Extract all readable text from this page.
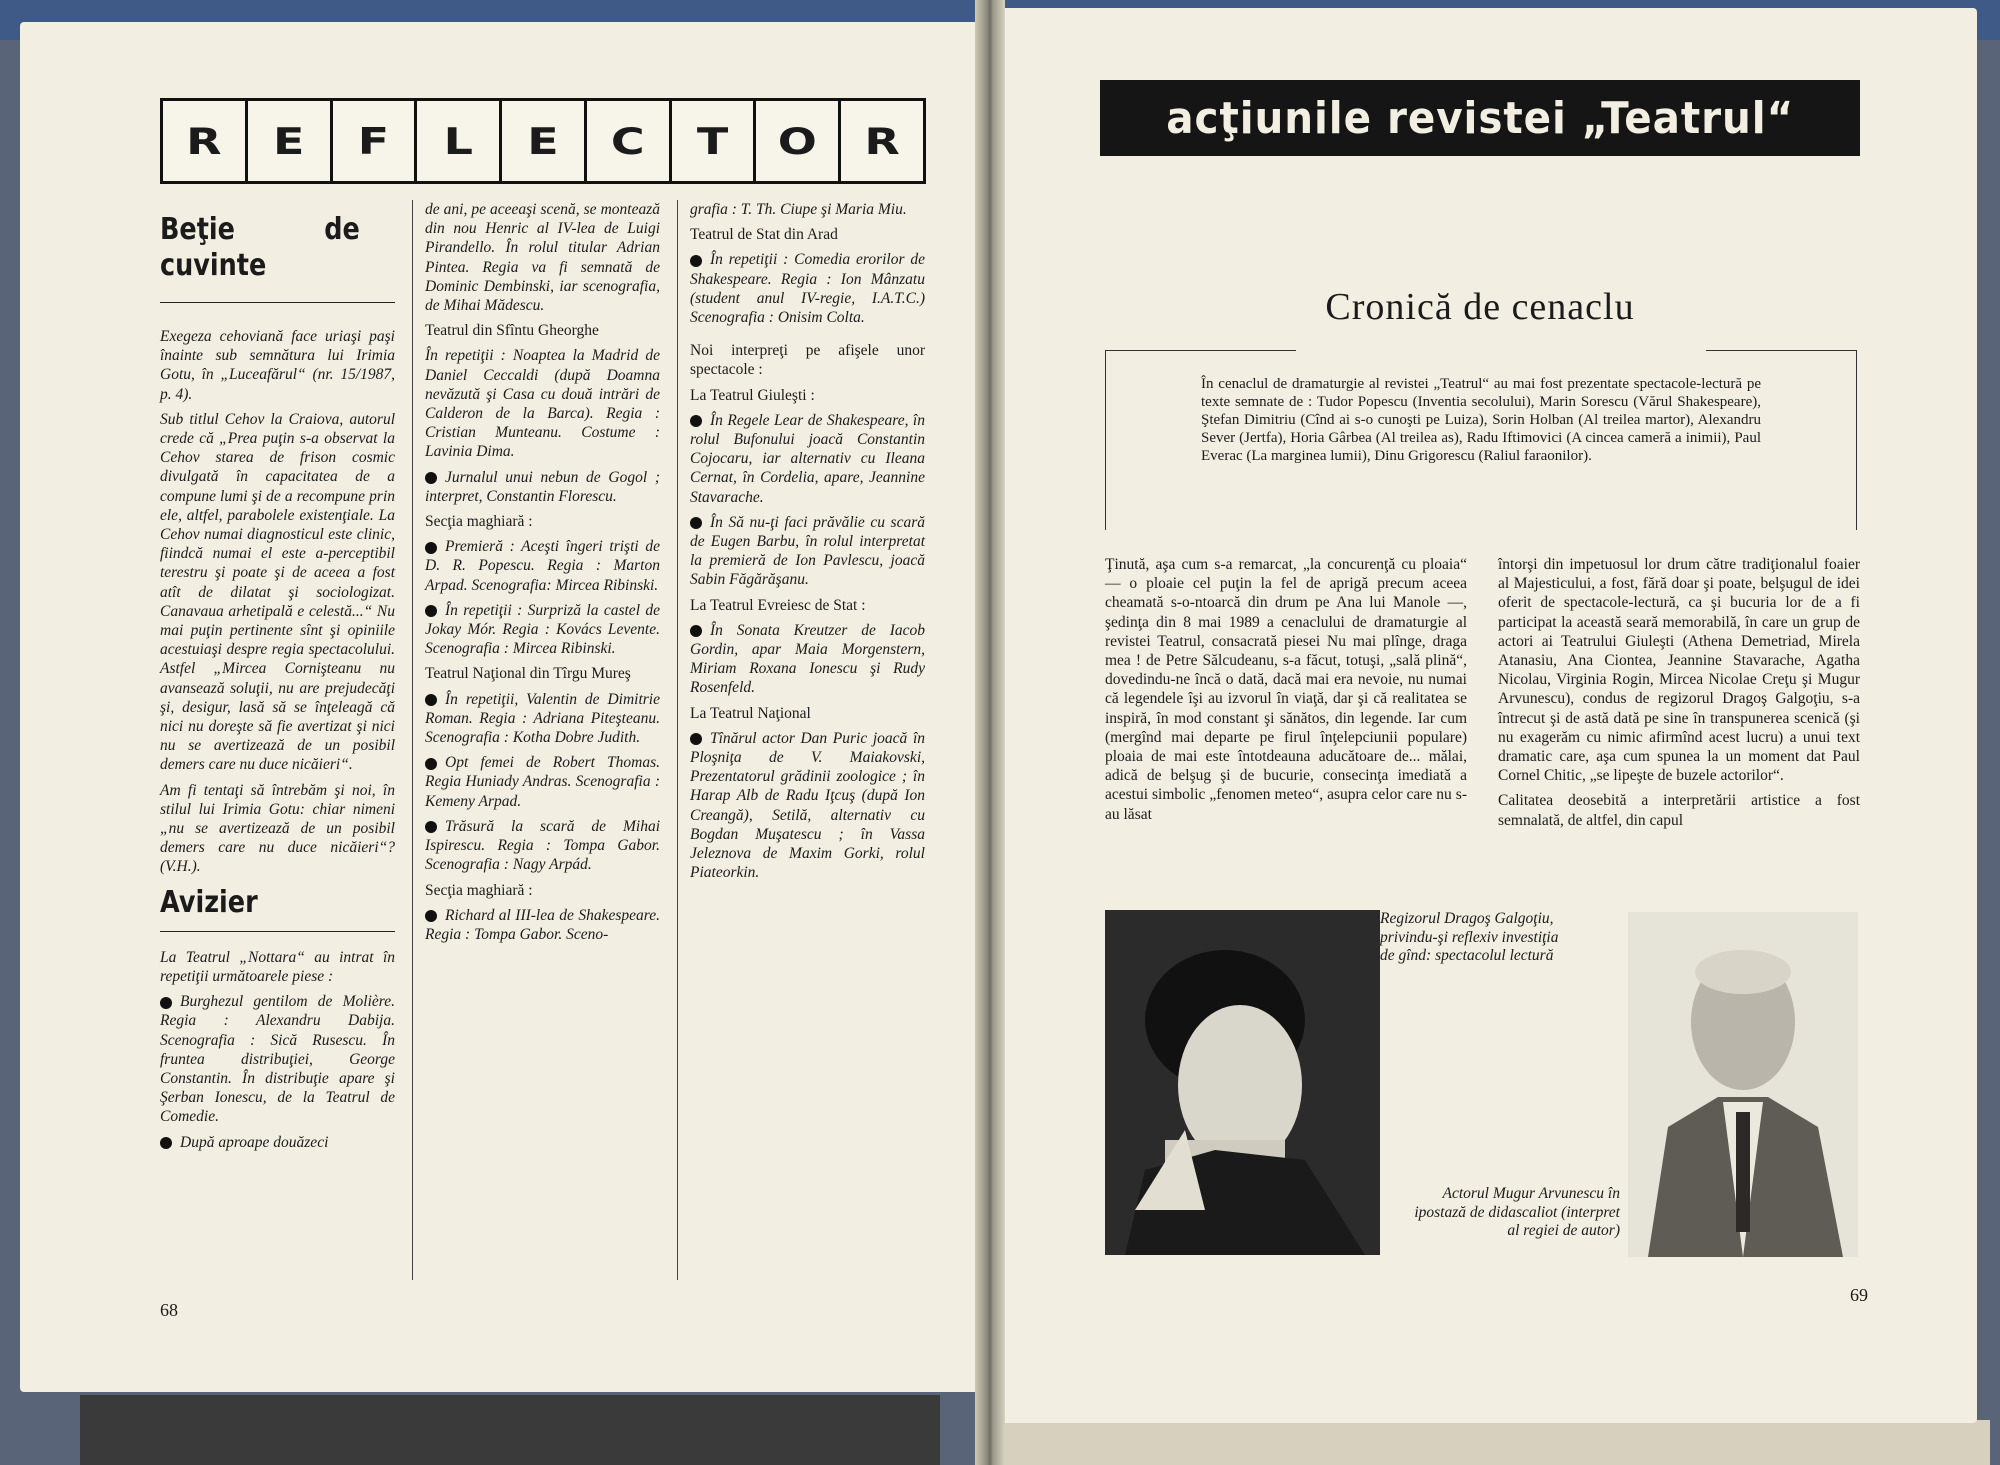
R E F L E C T O R
Beţie de cuvinte

Exegeza cehoviană face uriaşi paşi înainte sub semnătura lui Irimia Gotu, în „Luceafărul“ (nr. 15/1987, p. 4).

Sub titlul Cehov la Craiova, autorul crede că „Prea puţin s-a observat la Cehov starea de frison cosmic divulgată în capacitatea de a compune lumi şi de a recompune prin ele, altfel, parabolele existenţiale. La Cehov numai diagnosticul este clinic, fiindcă numai el este a-perceptibil terestru şi poate şi de aceea a fost atît de dilatat şi sociologizat. Canavaua arhetipală e celestă...“ Nu mai puţin pertinente sînt şi opiniile acestuiaşi despre regia spectacolului. Astfel „Mircea Cornişteanu nu avansează soluţii, nu are prejudecăţi şi, desigur, lasă să se înţeleagă că nici nu doreşte să fie avertizat şi nici nu se avertizează de un posibil demers care nu duce nicăieri“.

Am fi tentaţi să întrebăm şi noi, în stilul lui Irimia Gotu: chiar nimeni „nu se avertizează de un posibil demers care nu duce nicăieri“? (V.H.).

Avizier

La Teatrul „Nottara“ au intrat în repetiţii următoarele piese :

Burghezul gentilom de Molière. Regia : Alexandru Dabija. Scenografia : Sică Rusescu. În fruntea distribuţiei, George Constantin. În distribuţie apare şi Şerban Ionescu, de la Teatrul de Comedie.

După aproape douăzeci

de ani, pe aceeaşi scenă, se montează din nou Henric al IV-lea de Luigi Pirandello. În rolul titular Adrian Pintea. Regia va fi semnată de Dominic Dembinski, iar scenografia, de Mihai Mădescu.

Teatrul din Sfîntu Gheorghe

În repetiţii : Noaptea la Madrid de Daniel Ceccaldi (după Doamna nevăzută şi Casa cu două intrări de Calderon de la Barca). Regia : Cristian Munteanu. Costume : Lavinia Dima.

Jurnalul unui nebun de Gogol ; interpret, Constantin Florescu.

Secţia maghiară :

Premieră : Aceşti îngeri trişti de D. R. Popescu. Regia : Marton Arpad. Scenografia: Mircea Ribinski.

În repetiţii : Surpriză la castel de Jokay Mór. Regia : Kovács Levente. Scenografia : Mircea Ribinski.

Teatrul Naţional din Tîrgu Mureş

În repetiţii, Valentin de Dimitrie Roman. Regia : Adriana Piteşteanu. Scenografia : Kotha Dobre Judith.

Opt femei de Robert Thomas. Regia Huniady Andras. Scenografia : Kemeny Arpad.

Trăsură la scară de Mihai Ispirescu. Regia : Tompa Gabor. Scenografia : Nagy Arpád.

Secţia maghiară :

Richard al III-lea de Shakespeare. Regia : Tompa Gabor. Sceno-

grafia : T. Th. Ciupe şi Maria Miu.

Teatrul de Stat din Arad

În repetiţii : Comedia erorilor de Shakespeare. Regia : Ion Mânzatu (student anul IV-regie, I.A.T.C.) Scenografia : Onisim Colta.

Noi interpreţi pe afişele unor spectacole :

La Teatrul Giuleşti :

În Regele Lear de Shakespeare, în rolul Bufonului joacă Constantin Cojocaru, iar alternativ cu Ileana Cernat, în Cordelia, apare, Jeannine Stavarache.

În Să nu-ţi faci prăvălie cu scară de Eugen Barbu, în rolul interpretat la premieră de Ion Pavlescu, joacă Sabin Făgărăşanu.

La Teatrul Evreiesc de Stat :

În Sonata Kreutzer de Iacob Gordin, apar Maia Morgenstern, Miriam Roxana Ionescu şi Rudy Rosenfeld.

La Teatrul Naţional

Tînărul actor Dan Puric joacă în Ploşniţa de V. Maiakovski, Prezentatorul grădinii zoologice ; în Harap Alb de Radu Iţcuş (după Ion Creangă), Setilă, alternativ cu Bogdan Muşatescu ; în Vassa Jeleznova de Maxim Gorki, rolul Piateorkin.

68
acţiunile revistei „Teatrul“
Cronică de cenaclu
În cenaclul de dramaturgie al revistei „Teatrul“ au mai fost prezentate spectacole-lectură pe texte semnate de : Tudor Popescu (Inventia secolului), Marin Sorescu (Vărul Shakespeare), Ştefan Dimitriu (Cînd ai s-o cunoşti pe Luiza), Sorin Holban (Al treilea martor), Alexandru Sever (Jertfa), Horia Gârbea (Al treilea as), Radu Iftimovici (A cincea cameră a inimii), Paul Everac (La marginea lumii), Dinu Grigorescu (Raliul faraonilor).

Ţinută, aşa cum s-a remarcat, „la concurenţă cu ploaia“ — o ploaie cel puţin la fel de aprigă precum aceea cheamată s-o-ntoarcă din drum pe Ana lui Manole —, şedinţa din 8 mai 1989 a cenaclului de dramaturgie al revistei Teatrul, consacrată piesei Nu mai plînge, draga mea ! de Petre Sălcudeanu, s-a făcut, totuşi, „sală plină“, dovedindu-ne încă o dată, dacă mai era nevoie, nu numai că legendele îşi au izvorul în viaţă, dar şi că realitatea se inspiră, în mod constant şi sănătos, din legende. Iar cum (mergînd mai departe pe firul înţelepciunii populare) ploaia de mai este întotdeauna aducătoare de... mălai, adică de belşug şi de bucurie, consecinţa imediată a acestui simbolic „fenomen meteo“, asupra celor care nu s-au lăsat

întorşi din impetuosul lor drum către tradiţionalul foaier al Majesticului, a fost, fără doar şi poate, belşugul de idei oferit de spectacole-lectură, ca şi bucuria lor de a fi participat la această seară memorabilă, în care un grup de actori ai Teatrului Giuleşti (Athena Demetriad, Mirela Atanasiu, Ana Ciontea, Jeannine Stavarache, Agatha Nicolau, Virginia Rogin, Mircea Nicolae Creţu şi Mugur Arvunescu), condus de regizorul Dragoş Galgoţiu, s-a întrecut şi de astă dată pe sine în transpunerea scenică (şi nu exagerăm cu nimic afirmînd acest lucru) a unui text dramatic care, aşa cum spunea la un moment dat Paul Cornel Chitic, „se lipeşte de buzele actorilor“.

Calitatea deosebită a interpretării artistice a fost semnalată, de altfel, din capul

Regizorul Dragoş Galgoţiu, privindu-şi reflexiv investiţia de gînd: spectacolul lectură
Actorul Mugur Arvunescu în ipostază de didascaliot (interpret al regiei de autor)
69
